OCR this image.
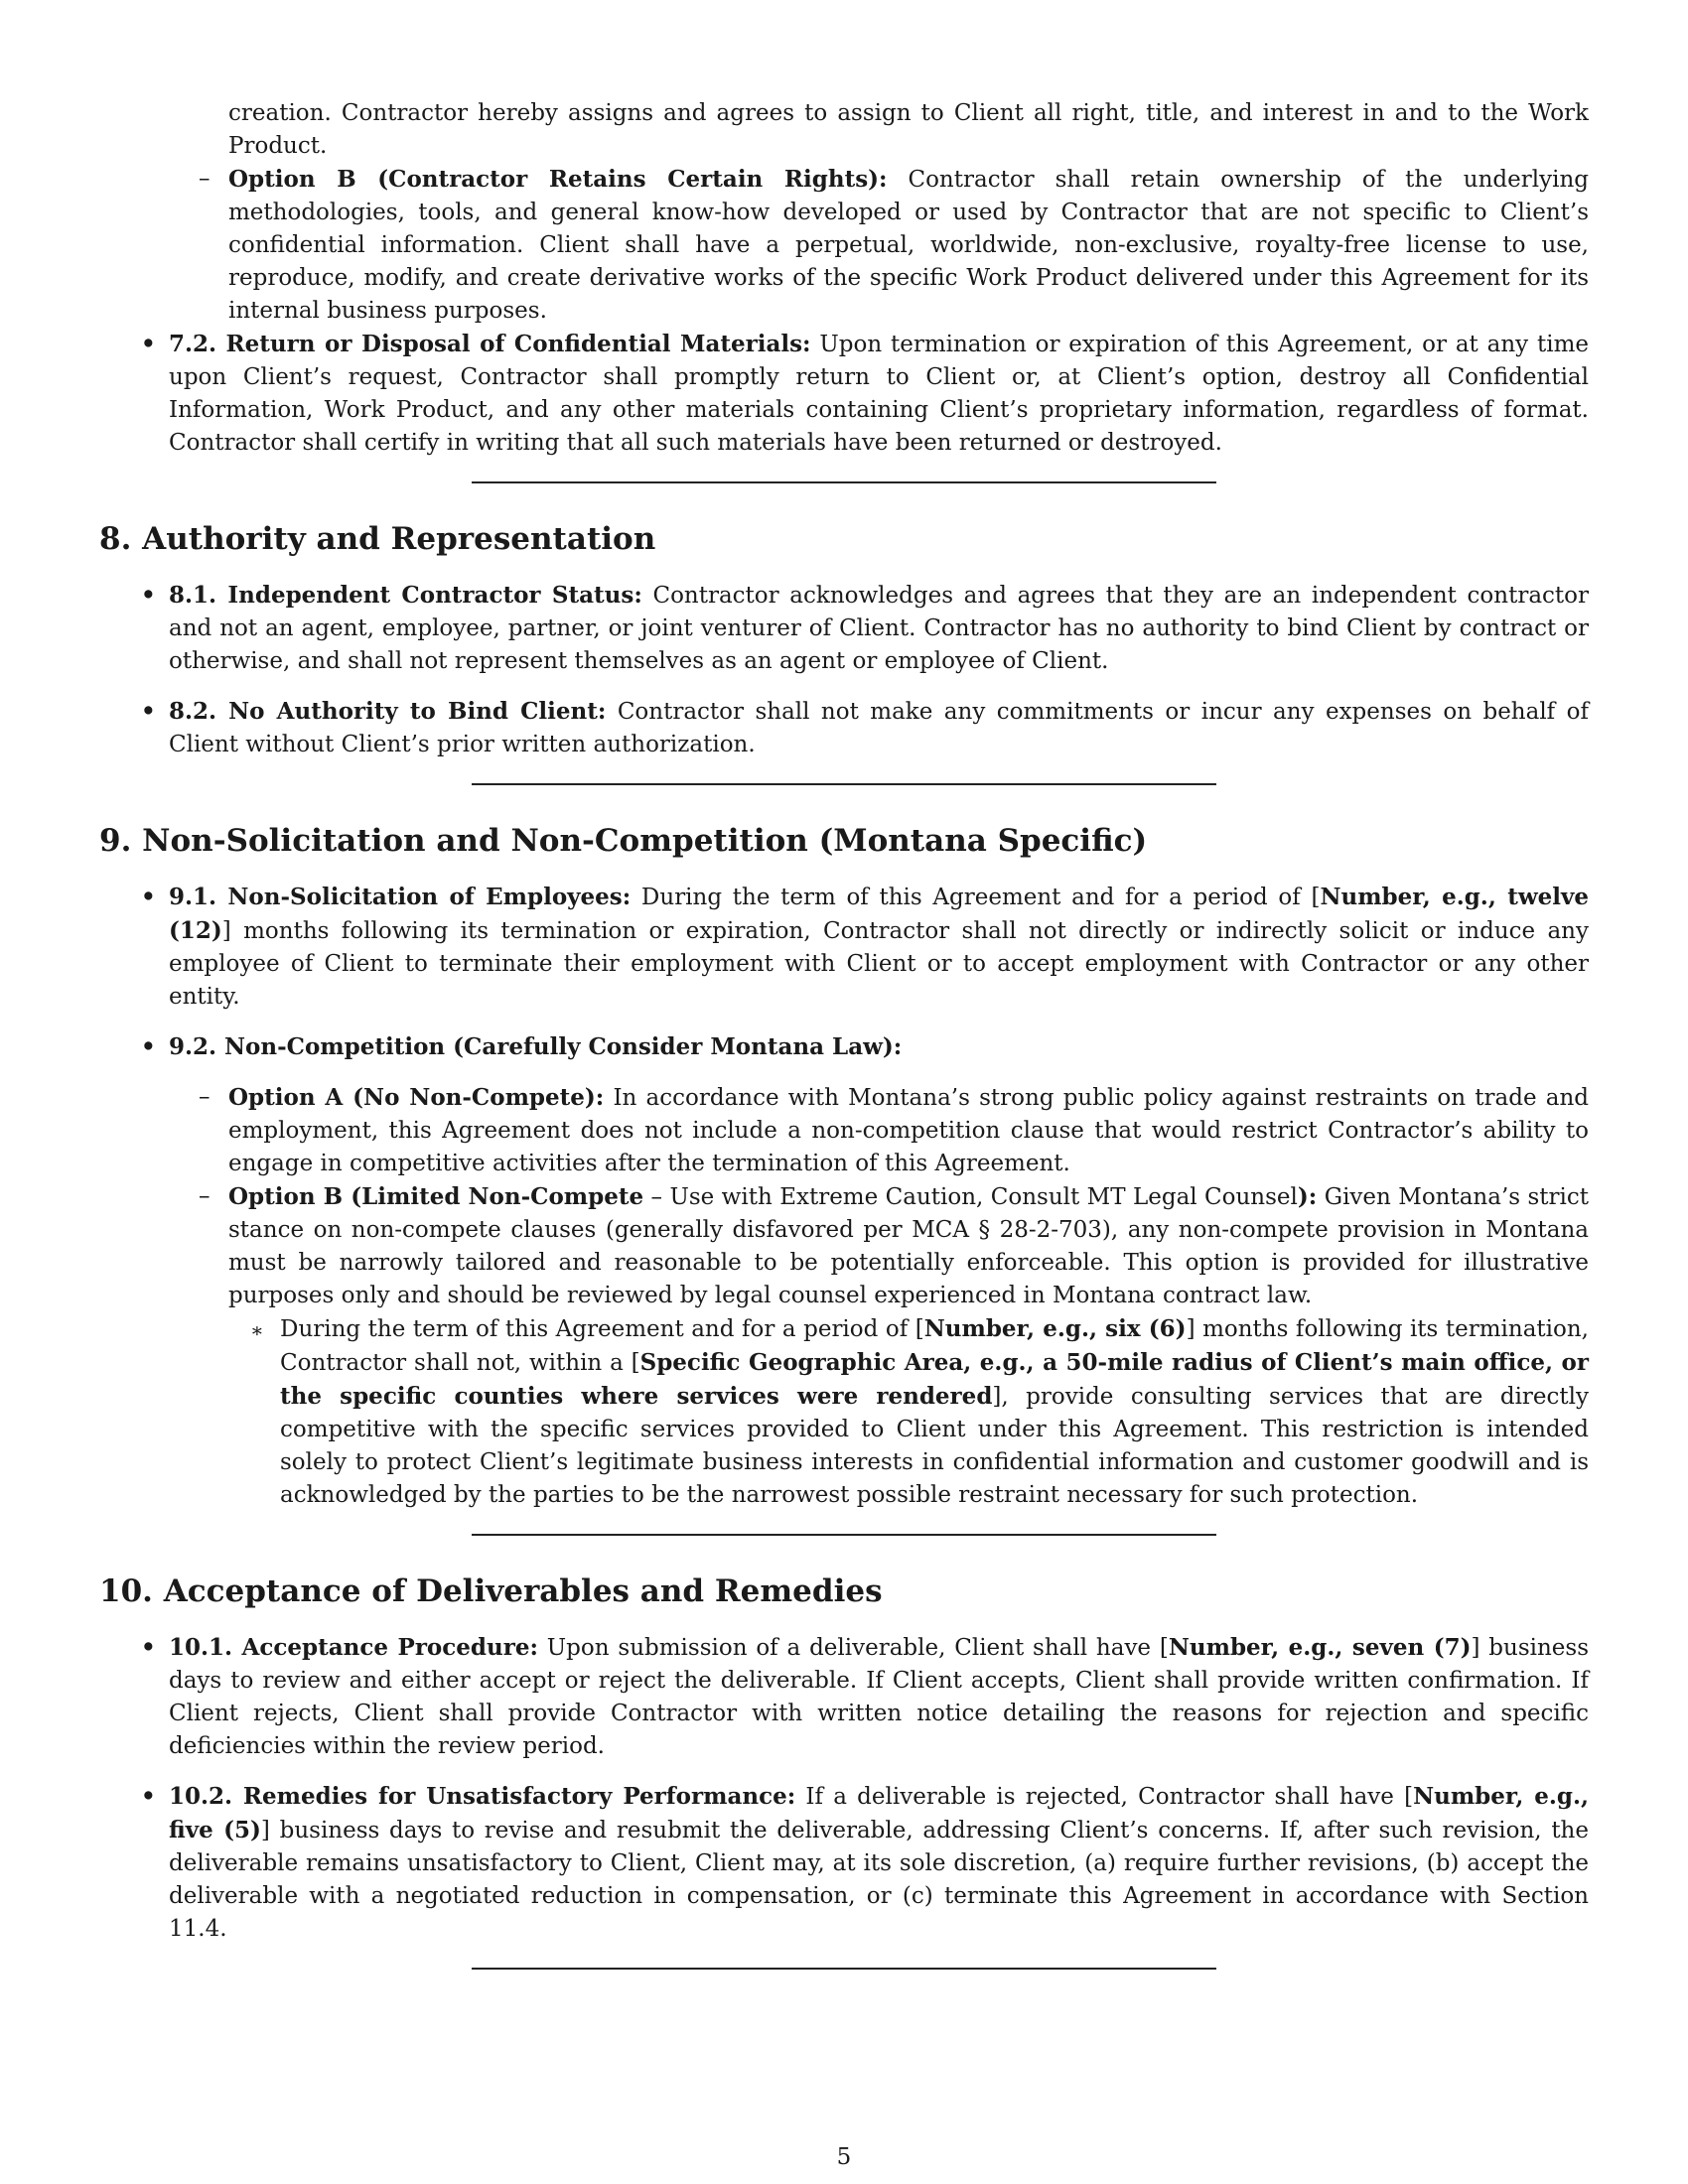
creation. Contractor hereby assigns and agrees to assign to Client all right, title, and interest in and to the Work Product.

– Option B (Contractor Retains Certain Rights): Contractor shall retain ownership of the underlying methodologies, tools, and general know-how developed or used by Contractor that are not specific to Client’s confidential information. Client shall have a perpetual, worldwide, non-exclusive, royalty-free license to use, reproduce, modify, and create derivative works of the specific Work Product delivered under this Agreement for its internal business purposes.
• 7.2. Return or Disposal of Confidential Materials: Upon termination or expiration of this Agreement, or at any time upon Client’s request, Contractor shall promptly return to Client or, at Client’s option, destroy all Confidential Information, Work Product, and any other materials containing Client’s proprietary information, regardless of format. Contractor shall certify in writing that all such materials have been returned or destroyed.
8. Authority and Representation
• 8.1. Independent Contractor Status: Contractor acknowledges and agrees that they are an independent contractor and not an agent, employee, partner, or joint venturer of Client. Contractor has no authority to bind Client by contract or otherwise, and shall not represent themselves as an agent or employee of Client.
• 8.2. No Authority to Bind Client: Contractor shall not make any commitments or incur any expenses on behalf of Client without Client’s prior written authorization.
9. Non-Solicitation and Non-Competition (Montana Specific)
• 9.1. Non-Solicitation of Employees: During the term of this Agreement and for a period of [Number, e.g., twelve (12)] months following its termination or expiration, Contractor shall not directly or indirectly solicit or induce any employee of Client to terminate their employment with Client or to accept employment with Contractor or any other entity.
• 9.2. Non-Competition (Carefully Consider Montana Law):
– Option A (No Non-Compete): In accordance with Montana’s strong public policy against restraints on trade and employment, this Agreement does not include a non-competition clause that would restrict Contractor’s ability to engage in competitive activities after the termination of this Agreement.
– Option B (Limited Non-Compete – Use with Extreme Caution, Consult MT Legal Counsel): Given Montana’s strict stance on non-compete clauses (generally disfavored per MCA § 28-2-703), any non-compete provision in Montana must be narrowly tailored and reasonable to be potentially enforceable. This option is provided for illustrative purposes only and should be reviewed by legal counsel experienced in Montana contract law.
∗ During the term of this Agreement and for a period of [Number, e.g., six (6)] months following its termination, Contractor shall not, within a [Specific Geographic Area, e.g., a 50-mile radius of Client’s main office, or the specific counties where services were rendered], provide consulting services that are directly competitive with the specific services provided to Client under this Agreement. This restriction is intended solely to protect Client’s legitimate business interests in confidential information and customer goodwill and is acknowledged by the parties to be the narrowest possible restraint necessary for such protection.
10. Acceptance of Deliverables and Remedies
• 10.1. Acceptance Procedure: Upon submission of a deliverable, Client shall have [Number, e.g., seven (7)] business days to review and either accept or reject the deliverable. If Client accepts, Client shall provide written confirmation. If Client rejects, Client shall provide Contractor with written notice detailing the reasons for rejection and specific deficiencies within the review period.
• 10.2. Remedies for Unsatisfactory Performance: If a deliverable is rejected, Contractor shall have [Number, e.g., five (5)] business days to revise and resubmit the deliverable, addressing Client’s concerns. If, after such revision, the deliverable remains unsatisfactory to Client, Client may, at its sole discretion, (a) require further revisions, (b) accept the deliverable with a negotiated reduction in compensation, or (c) terminate this Agreement in accordance with Section 11.4.
5
